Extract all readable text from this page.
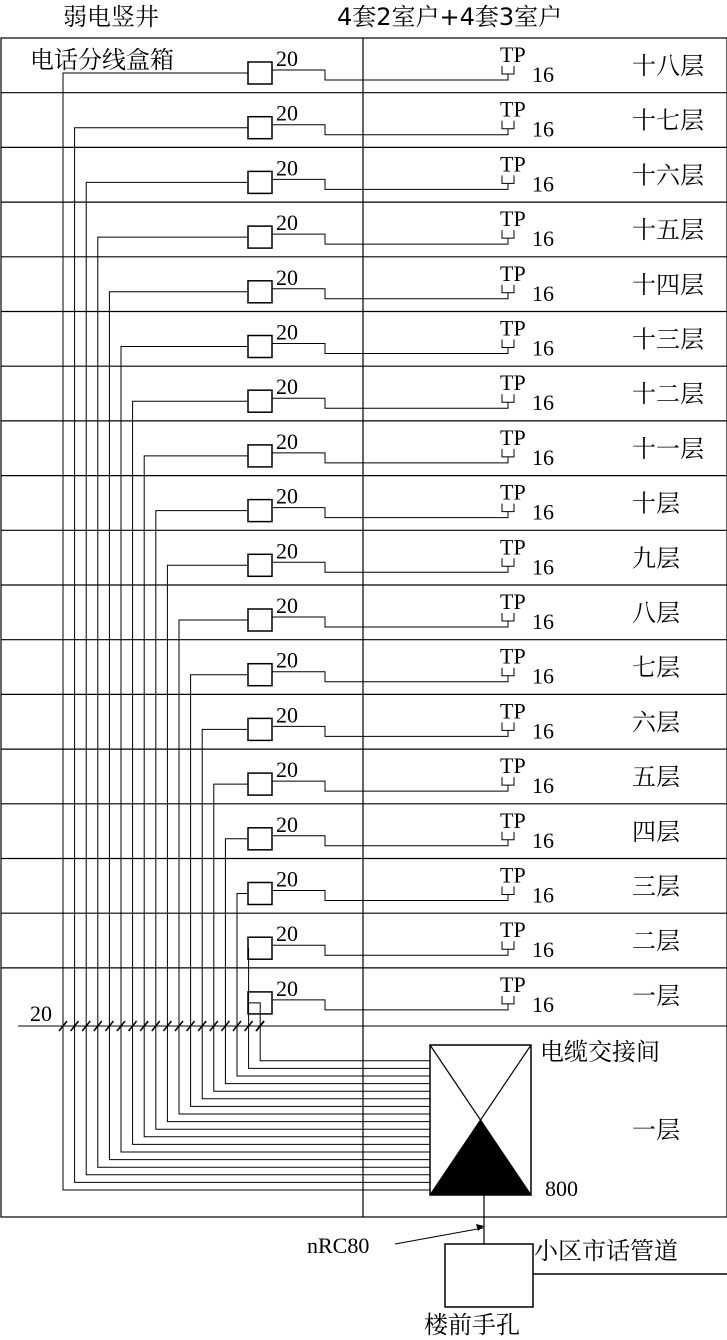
20	TP
16	十八层
20	TP
16	十七层
20	TP
16	十六层
20	TP
16	十五层
20	TP
16	十四层
20	TP
16	十三层
20	TP
16	十二层
20	TP
16	十一层
20	TP
16	十层
20	TP
16	九层
20	TP
16	八层
20	TP
16	七层
20	TP
16	六层
20	TP
16	五层
20	TP
16	四层
20	TP
16	三层
20	TP
16	二层
20	TP
16	一层
弱电竖井	4套2室户+4套3室户
电话分线盒箱
20
电缆交接间
一层
800
nRC80
楼前手孔
小区市话管道
